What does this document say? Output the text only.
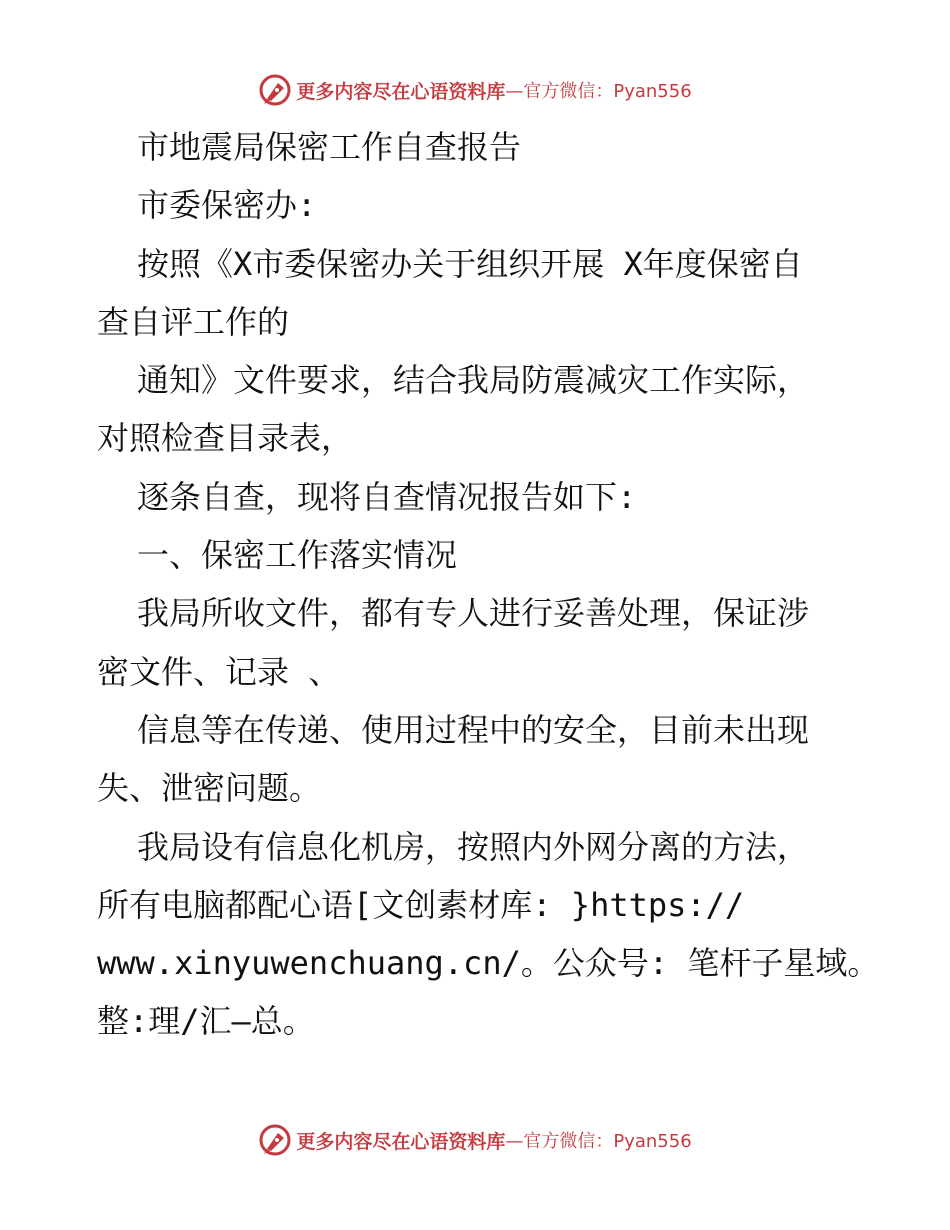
更多内容尽在心语资料库 —官方微信：Pyan556
市地震局保密工作自查报告
市委保密办:
按照《X市委保密办关于组织开展 X年度保密自
查自评工作的
通知》文件要求，结合我局防震减灾工作实际，
对照检查目录表，
逐条自查，现将自查情况报告如下:
一、保密工作落实情况
我局所收文件，都有专人进行妥善处理，保证涉
密文件、记录 、
信息等在传递、使用过程中的安全，目前未出现
失、泄密问题。
我局设有信息化机房，按照内外网分离的方法，
所有电脑都配心语[文创素材库: }https://
www.xinyuwenchuang.cn/。公众号: 笔杆子星域。
整:理/汇—总。
更多内容尽在心语资料库 —官方微信：Pyan556
